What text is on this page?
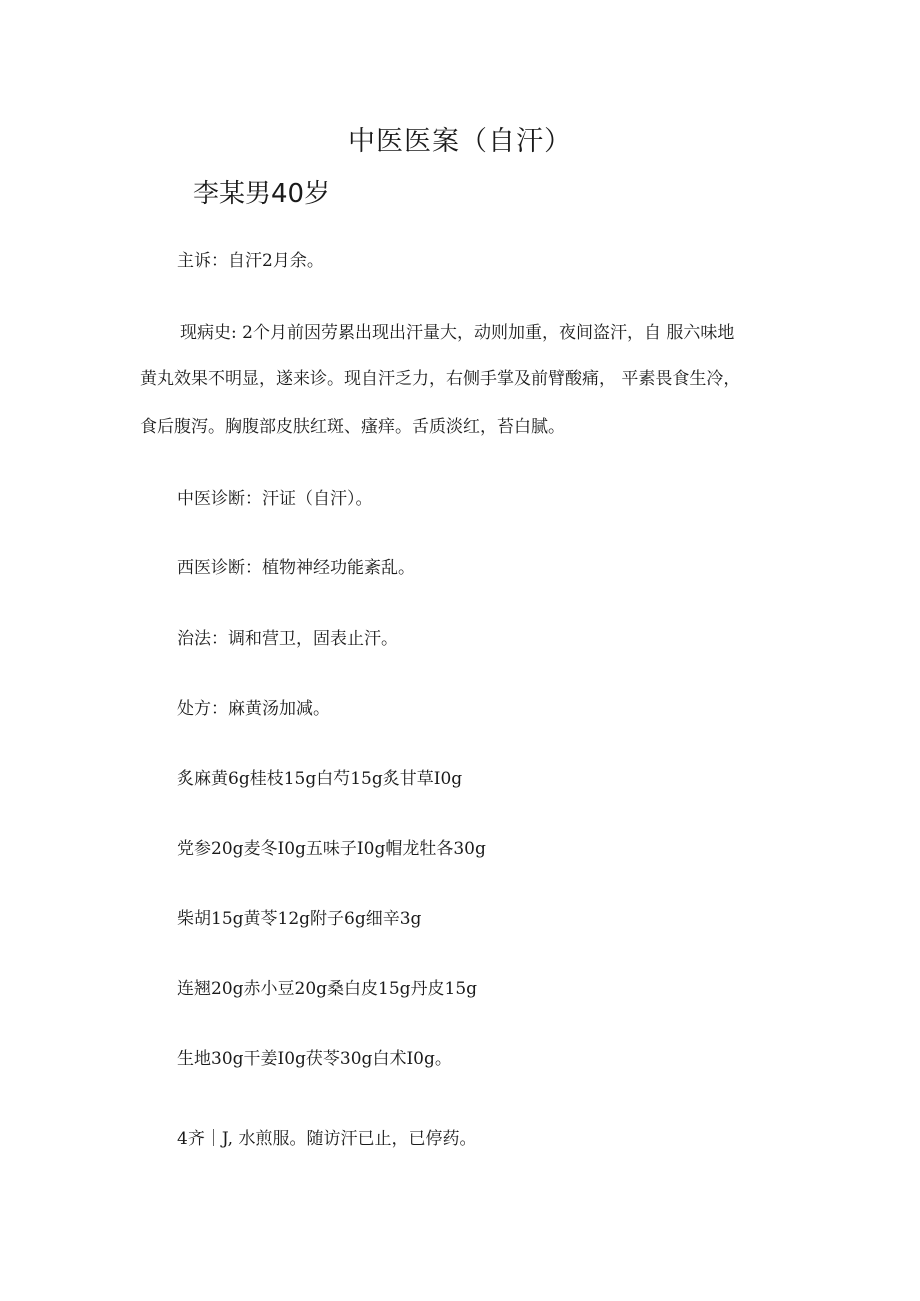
中医医案（自汗）
李某男40岁
主诉：自汗2月余。
现病史: 2个月前因劳累出现出汗量大，动则加重，夜间盗汗，自 服六味地
黄丸效果不明显，遂来诊。现自汗乏力，右侧手掌及前臂酸痛， 平素畏食生冷，
食后腹泻。胸腹部皮肤红斑、瘙痒。舌质淡红，苔白腻。
中医诊断：汗证（自汗）。
西医诊断：植物神经功能紊乱。
治法：调和营卫，固表止汗。
处方：麻黄汤加减。
炙麻黄6g桂枝15g白芍15g炙甘草I0g
党参20g麦冬I0g五味子I0g帽龙牡各30g
柴胡15g黄苓12g附子6g细辛3g
连翘20g赤小豆20g桑白皮15g丹皮15g
生地30g干姜I0g茯苓30g白术I0g。
4齐｜J, 水煎服。随访汗已止，已停药。
